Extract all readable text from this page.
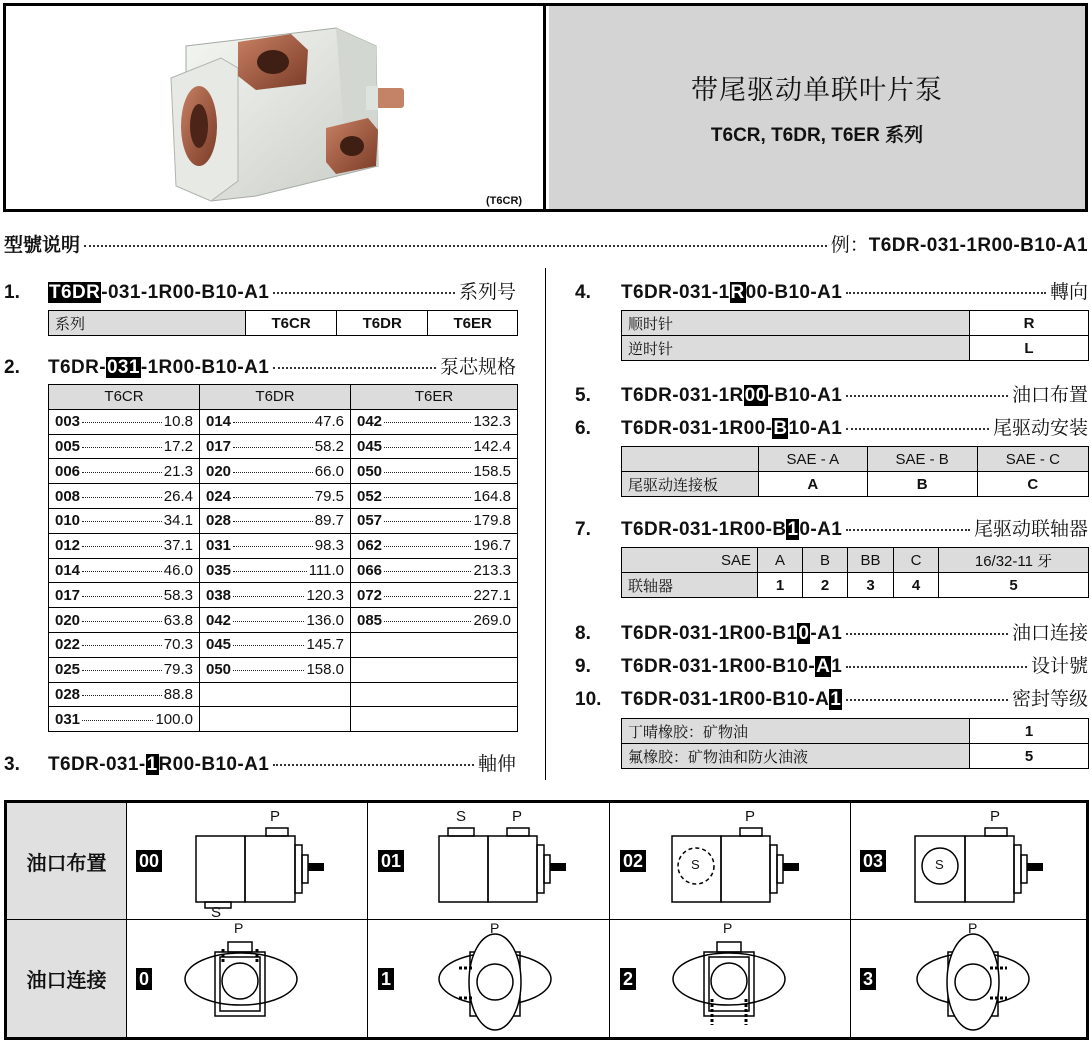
(T6CR)
带尾驱动单联叶片泵
T6CR, T6DR, T6ER 系列
型號说明	例： T6DR-031-1R00-B10-A1
1.	T6DR-031-1R00-B10-A1	系列号
系列	T6CR	T6DR	T6ER
2.	T6DR-031-1R00-B10-A1	泵芯规格
T6CR	T6DR	T6ER

003 10.8	014 47.6	042 132.3

005 17.2	017 58.2	045 142.4

006 21.3	020 66.0	050 158.5

008 26.4	024 79.5	052 164.8

010 34.1	028 89.7	057 179.8

012 37.1	031 98.3	062 196.7

014 46.0	035 111.0	066 213.3

017 58.3	038 120.3	072 227.1

020 63.8	042 136.0	085 269.0

022 70.3	045 145.7	

025 79.3	050 158.0	

028 88.8		

031 100.0		

3.	T6DR-031-1R00-B10-A1	軸伸
4.	T6DR-031-1R00-B10-A1	轉向
顺时针	R
逆时针	L
5.	T6DR-031-1R00-B10-A1	油口布置
6.	T6DR-031-1R00-B10-A1	尾驱动安装
	SAE - A	SAE - B	SAE - C
尾驱动连接板	A	B	C
7.	T6DR-031-1R00-B10-A1	尾驱动联轴器
SAE	A	B	BB	C	16/32-11 牙
联轴器	1	2	3	4	5
8.	T6DR-031-1R00-B10-A1	油口连接
9.	T6DR-031-1R00-B10-A1	设计號
10.	T6DR-031-1R00-B10-A1	密封等级
丁晴橡胶：矿物油	1
氟橡胶：矿物油和防火油液	5
油口布置
油口连接
00
P
S
01
P
S
02
P
S	03
P
S
0
P
1
P
2
P
3
P
